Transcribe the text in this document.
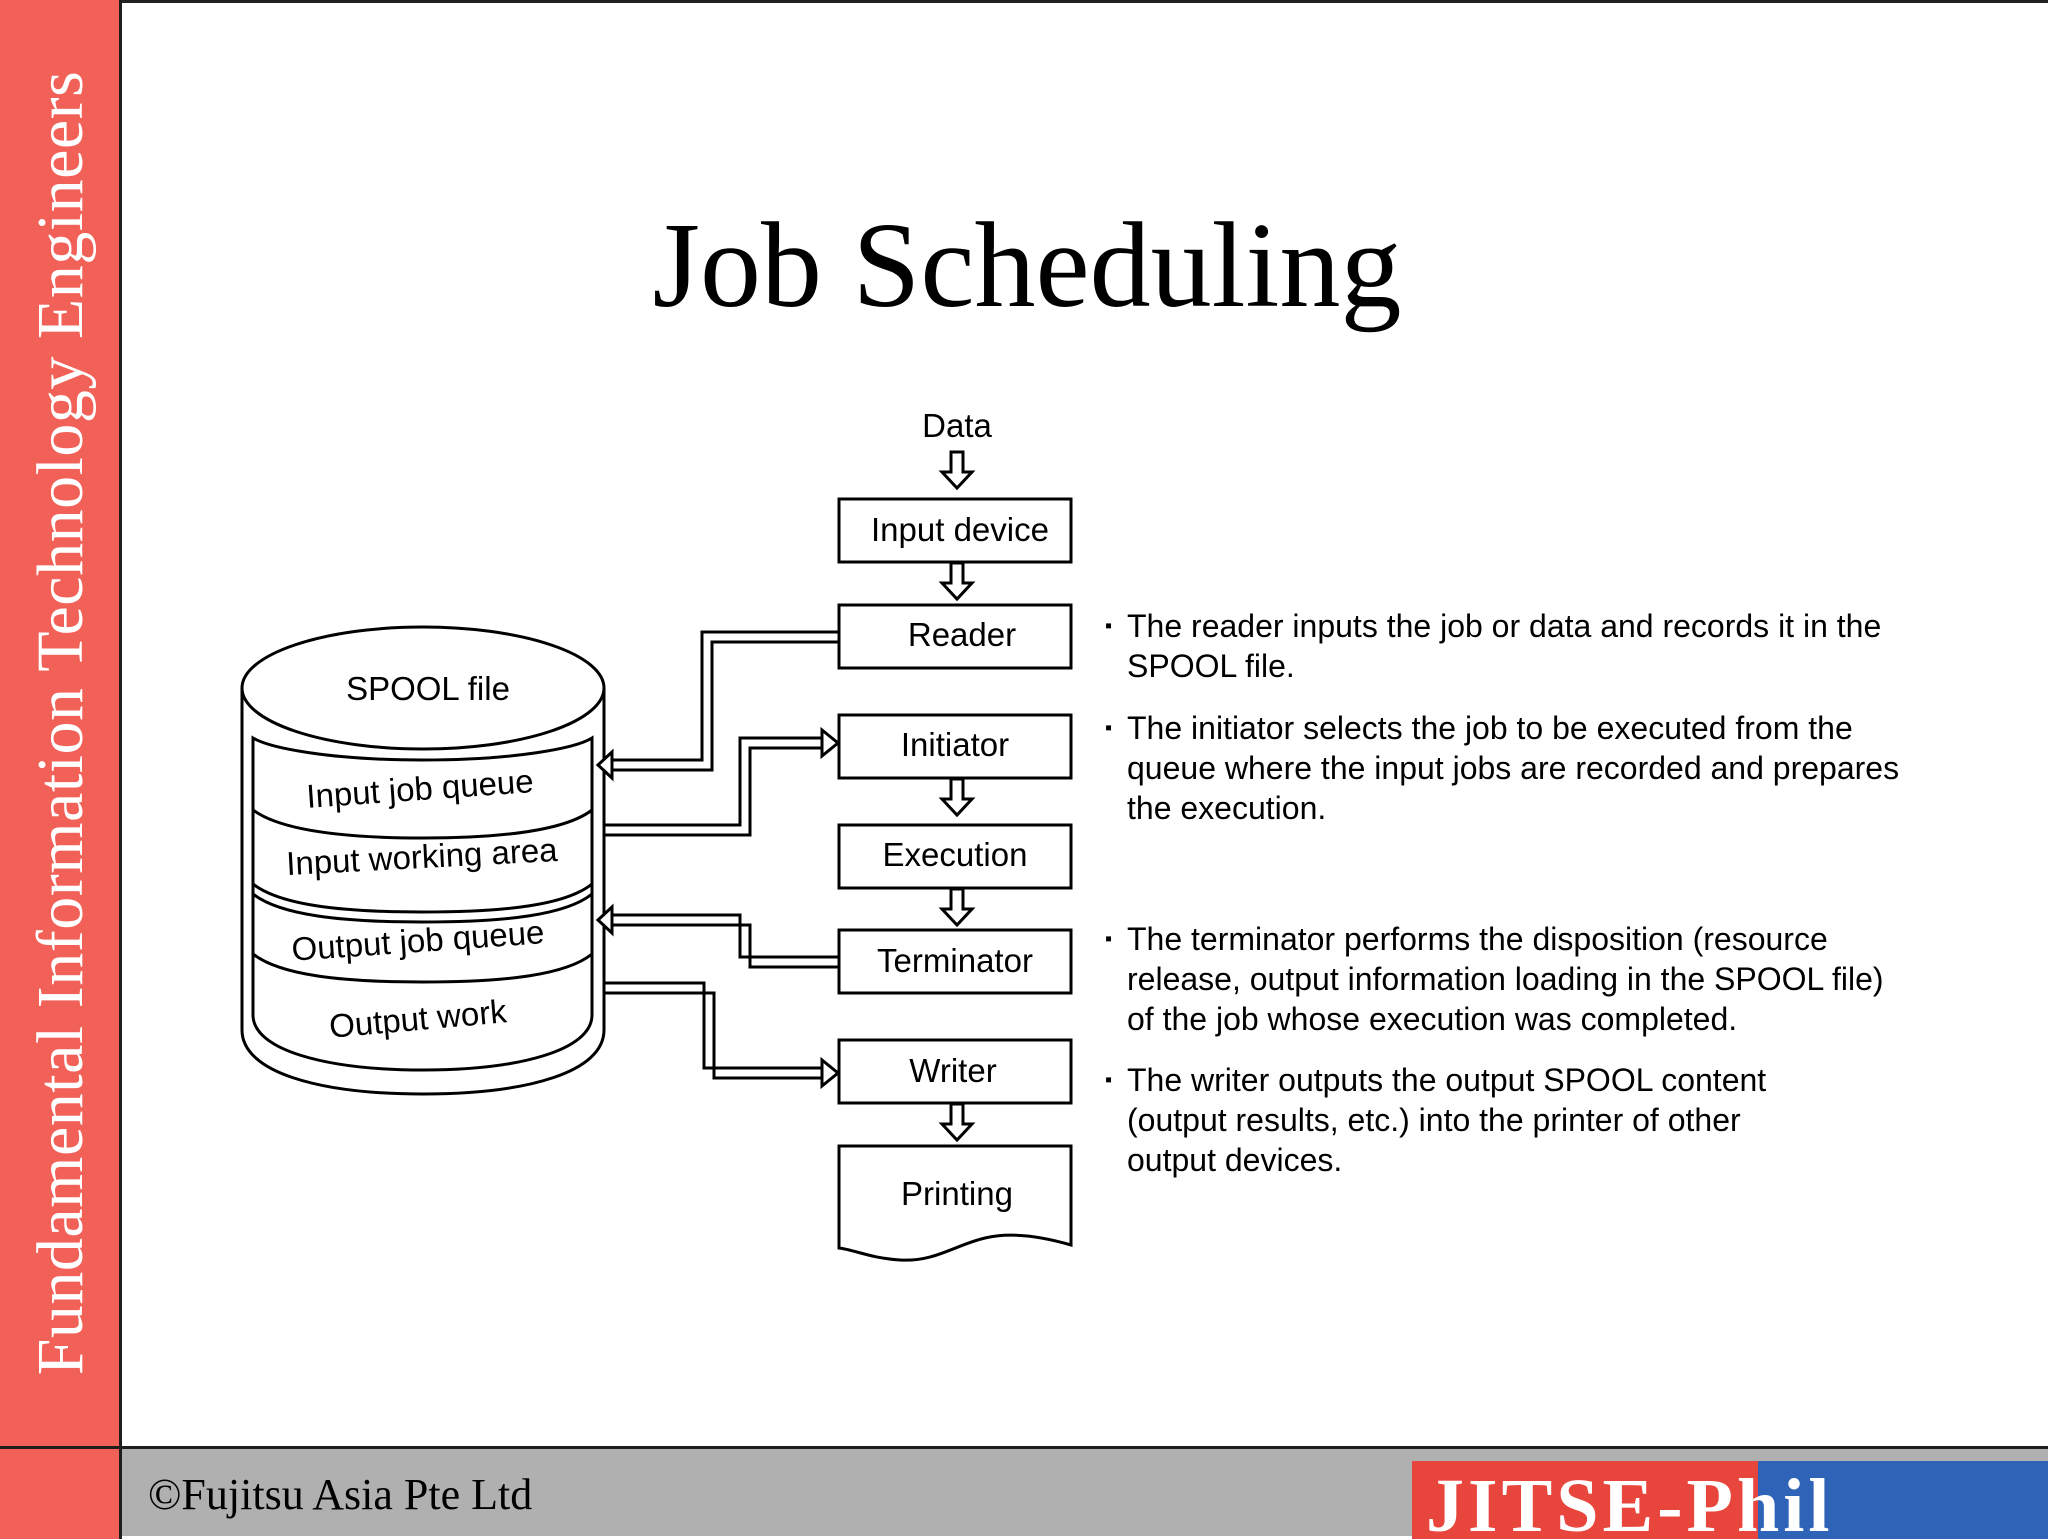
Fundamental Information Technology Engineers	Job Scheduling
Data
Input device
Reader
Initiator
Execution
Terminator
Writer
Printing
SPOOL file
Input job queue
Input working area
Output job queue
Output work
▪ The reader inputs the job or data and records it in the
SPOOL file.
▪ The initiator selects the job to be executed from the
queue where the input jobs are recorded and prepares
the execution.
▪ The terminator performs the disposition (resource
release, output information loading in the SPOOL file)
of the job whose execution was completed.
▪ The writer outputs the output SPOOL content
(output results, etc.) into the printer of other
output devices.
©Fujitsu Asia Pte Ltd	JITSE-Phil
